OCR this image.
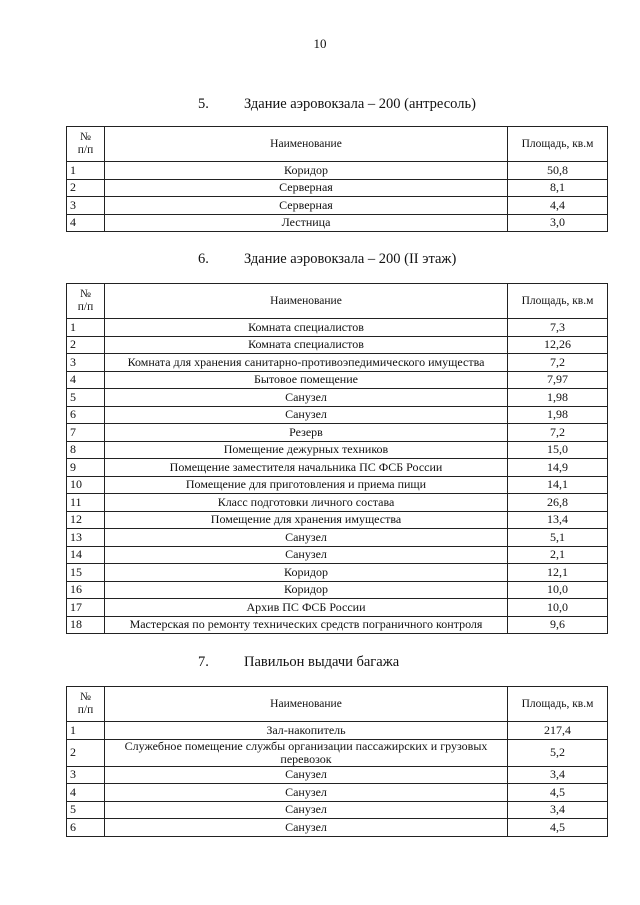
10
5. Здание аэровокзала – 200 (антресоль)
№
п/п	Наименование	Площадь, кв.м
1	Коридор	50,8
2	Серверная	8,1
3	Серверная	4,4
4	Лестница	3,0
6. Здание аэровокзала – 200 (II этаж)
№
п/п	Наименование	Площадь, кв.м
1	Комната специалистов	7,3
2	Комната специалистов	12,26
3	Комната для хранения санитарно-противоэпедимического имущества	7,2
4	Бытовое помещение	7,97
5	Санузел	1,98
6	Санузел	1,98
7	Резерв	7,2
8	Помещение дежурных техников	15,0
9	Помещение заместителя начальника ПС ФСБ России	14,9
10	Помещение для приготовления и приема пищи	14,1
11	Класс подготовки личного состава	26,8
12	Помещение для хранения имущества	13,4
13	Санузел	5,1
14	Санузел	2,1
15	Коридор	12,1
16	Коридор	10,0
17	Архив ПС ФСБ России	10,0
18	Мастерская по ремонту технических средств пограничного контроля	9,6
7. Павильон выдачи багажа
№
п/п	Наименование	Площадь, кв.м
1	Зал-накопитель	217,4
2	Служебное помещение службы организации пассажирских и грузовых перевозок	5,2
3	Санузел	3,4
4	Санузел	4,5
5	Санузел	3,4
6	Санузел	4,5
